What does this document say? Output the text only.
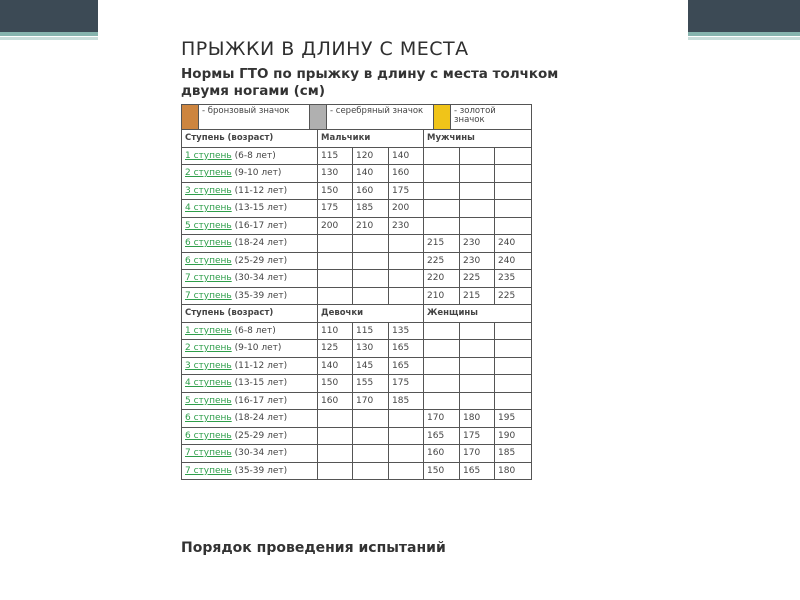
ПРЫЖКИ В ДЛИНУ С МЕСТА

Нормы ГТО по прыжку в длину с места толчком двумя ногами (см)

- бронзовый значок - серебряный значок - золотой значок						

Ступень (возраст)	Мальчики			Мужчины		
1 ступень (6-8 лет)	115	120	140			
2 ступень (9-10 лет)	130	140	160			
3 ступень (11-12 лет)	150	160	175			
4 ступень (13-15 лет)	175	185	200			
5 ступень (16-17 лет)	200	210	230			
6 ступень (18-24 лет)				215	230	240
6 ступень (25-29 лет)				225	230	240
7 ступень (30-34 лет)				220	225	235
7 ступень (35-39 лет)				210	215	225
Ступень (возраст)	Девочки			Женщины		
1 ступень (6-8 лет)	110	115	135			
2 ступень (9-10 лет)	125	130	165			
3 ступень (11-12 лет)	140	145	165			
4 ступень (13-15 лет)	150	155	175			
5 ступень (16-17 лет)	160	170	185			
6 ступень (18-24 лет)				170	180	195
6 ступень (25-29 лет)				165	175	190
7 ступень (30-34 лет)				160	170	185
7 ступень (35-39 лет)				150	165	180

Порядок проведения испытаний
